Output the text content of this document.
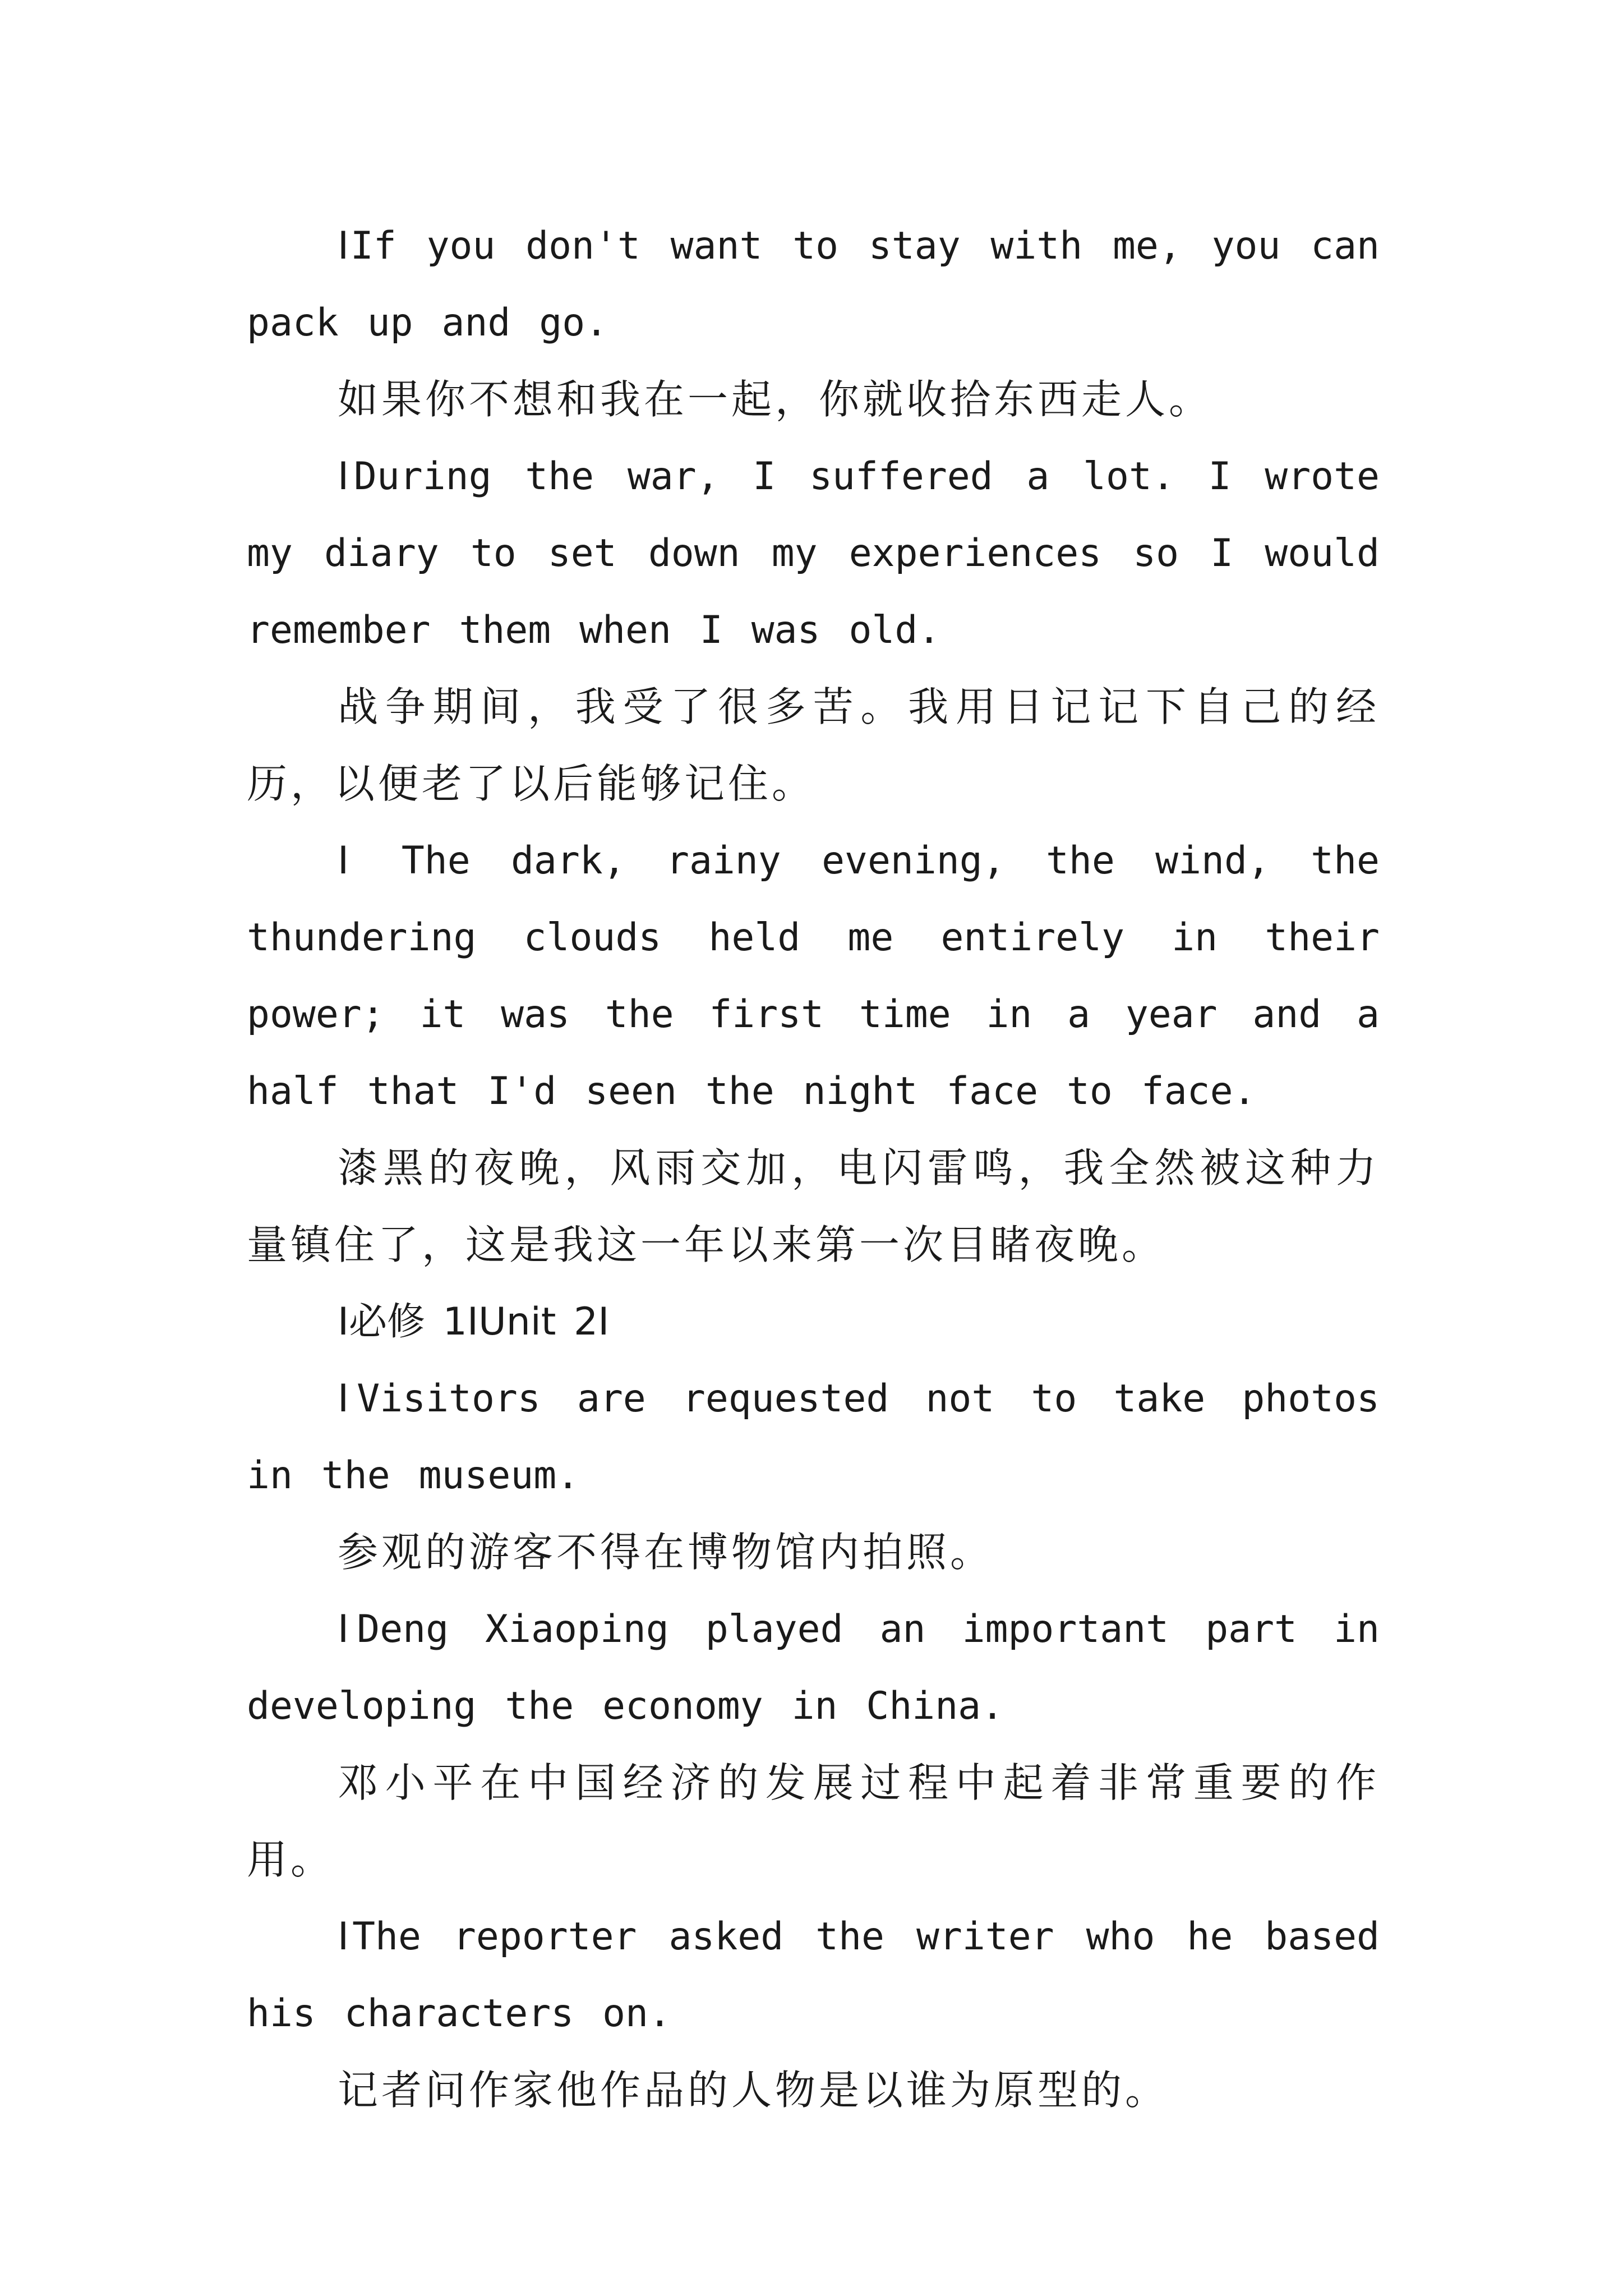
ⅠIf you don't want to stay with me, you can pack up and go.

如果你不想和我在一起，你就收拾东西走人。

ⅠDuring the war, I suffered a lot. I wrote my diary to set down my experiences so I would remember them when I was old.

战争期间，我受了很多苦。我用日记记下自己的经历，以便老了以后能够记住。

Ⅰ The dark, rainy evening, the wind, the thundering clouds held me entirely in their power; it was the first time in a year and a half that I'd seen the night face to face.

漆黑的夜晚，风雨交加，电闪雷鸣，我全然被这种力量镇住了，这是我这一年以来第一次目睹夜晚。

Ⅰ必修 1ⅠUnit 2Ⅰ

ⅠVisitors are requested not to take photos in the museum.

参观的游客不得在博物馆内拍照。

ⅠDeng Xiaoping played an important part in developing the economy in China.

邓小平在中国经济的发展过程中起着非常重要的作用。

ⅠThe reporter asked the writer who he based his characters on.

记者问作家他作品的人物是以谁为原型的。
